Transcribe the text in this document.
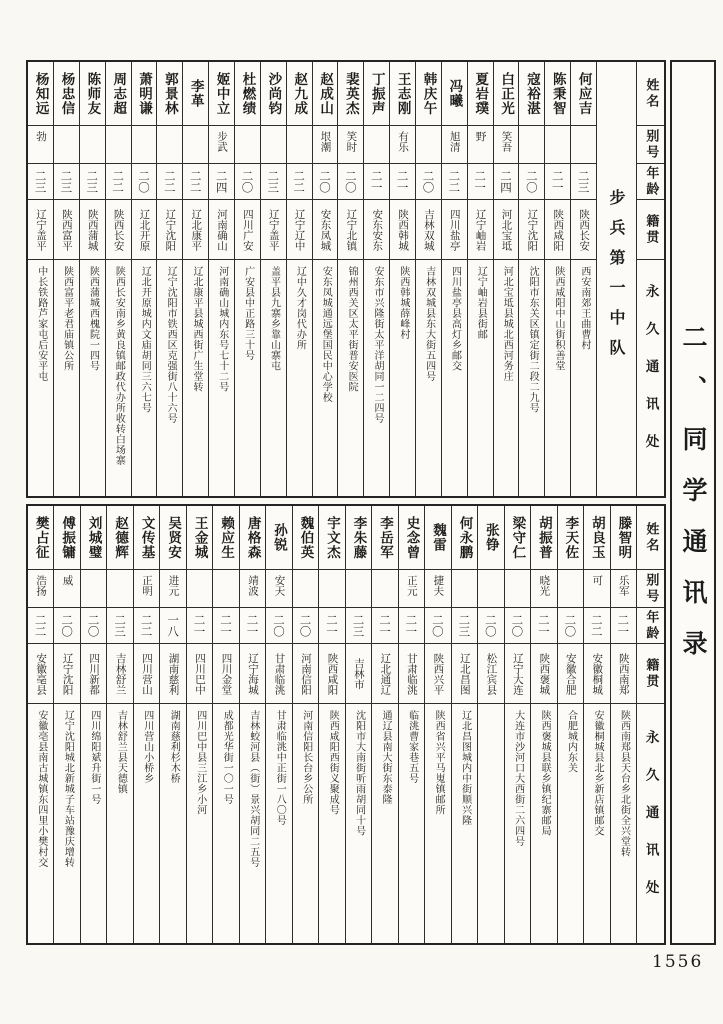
姓名
别号
年龄
籍贯
永久通讯处
步兵第一中队
何应吉
二三
陕西长安
西安南郊王曲曹村
陈秉智
二一
陕西咸阳
陕西咸阳中山街积善堂
寇裕湛
二〇
辽宁沈阳
沈阳市东关区镇定街二段二九号
白正光
笑吾
二四
河北宝坻
河北宝坻县城北西河务庄
夏岩璞
野
二一
辽宁岫岩
辽宁岫岩县街邮
冯曦
旭清
二二
四川盐亭
四川盐亭县高灯乡邮交
韩庆午
二〇
吉林双城
吉林双城县东大街五四号
王志刚
有乐
二一
陕西韩城
陕西韩城薛峰村
丁振声
二一
安东安东
安东市兴隆街太平洋胡同一二四号
裴英杰
笑时
二〇
辽宁北镇
锦州西关区太平街普安医院
赵成山
垠潮
二〇
安东凤城
安东凤城通远堡国民中心学校
赵九成
二二
辽宁辽中
辽中久才岗代办所
沙尚钧
二三
辽宁盖平
盖平县九寨乡靠山寨屯
杜燃绩
二〇
四川广安
广安县中正路三十号
姬中立
步武
二四
河南确山
河南确山城内东号七十二号
李革
二二
辽北康平
辽北康平县城西街广生堂转
郭景林
二二
辽宁沈阳
辽宁沈阳市铁西区克强街八十六号
萧明谦
二〇
辽北开原
辽北开原城内文庙胡同三六七号
周志超
二二
陕西长安
陕西长安南乡黄良镇邮政代办所收转白场寨
陈师友
二三
陕西蒲城
陕西蒲城西槐院一四号
杨忠信
二三
陕西富平
陕西富平老君庙镇公所
杨知远
勃
二三
辽宁盖平
中长铁路芦家屯后安平屯
姓名
别号
年龄
籍贯
永久通讯处
滕智明
乐军
二一
陕西南郑
陕西南郑县天台乡北街全兴堂转
胡良玉
可
二二
安徽桐城
安徽桐城县北乡新店镇邮交
李天佐
二〇
安徽合肥
合肥城内东关
胡振普
晓光
二一
陕西褒城
陕西褒城县联乡镇纪寨邮局
梁守仁
二〇
辽宁大连
大连市沙河口大西街二六四号
张铮
二〇
松江宾县
何永鹏
二三
辽北昌图
辽北昌图城内中街顺兴隆
魏雷
捷夫
二〇
陕西兴平
陕西省兴平马嵬镇邮所
史念曾
正元
二一
甘肃临洮
临洮曹家巷五号
李岳军
二一
辽北通辽
通辽县南大街东泰隆
李朱藤
二三
吉林市
沈阳市大南街听雨胡同十号
宇文杰
二一
陕西咸阳
陕西咸阳西街义聚成号
魏伯英
二〇
河南信阳
河南信阳长台乡公所
孙锐
安天
二〇
甘肃临洮
甘肃临洮中正街一八〇号
唐格森
靖波
二一
辽宁海城
吉林蛟河县（街）景兴胡同二五号
赖应生
二一
四川金堂
成都光华街一〇一号
王金城
二一
四川巴中
四川巴中县三江乡小河
吴贤安
进元
一八
湖南慈利
湖南慈利杉木桥
文传基
正明
二二
四川营山
四川营山小桥乡
赵德辉
二三
吉林舒兰
吉林舒兰县天德镇
刘城璧
二〇
四川新都
四川绵阳斌升街一号
傅振镛
威
二〇
辽宁沈阳
辽宁沈阳城北新城子车站豫庆增转
樊占征
浩扬
二二
安徽亳县
安徽亳县南古城镇东四里小樊村交
二、同学通讯录
1556
